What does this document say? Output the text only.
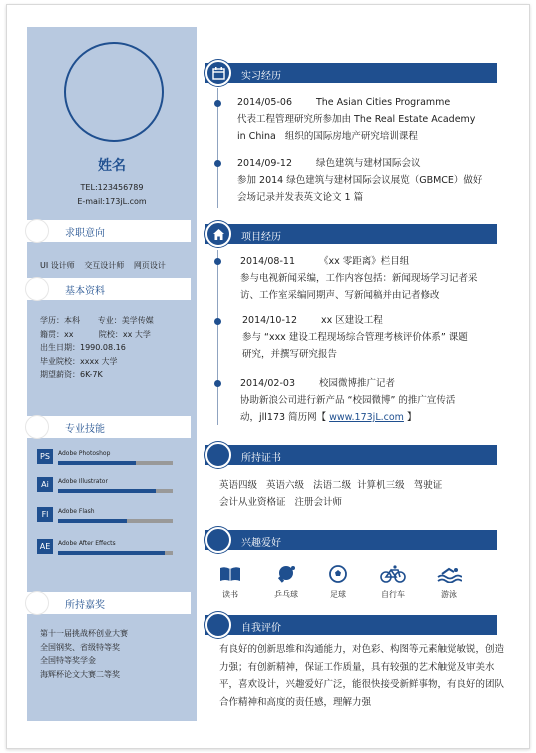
姓名
TEL:123456789
E-mail:173jL.com
求职意向
UI 设计师 交互设计师 网页设计
基本资料
学历：本科       专业：美学传媒
籍贯：xx          院校：xx 大学
出生日期：1990.08.16
毕业院校：xxxx 大学
期望薪资：6K-7K
专业技能
PS	Adobe Photoshop
Ai	Adobe Illustrator
Fl	Adobe Flash
AE	Adobe After Effects
所持嘉奖
第十一届挑战杯创业大赛
全国钢奖、省级特等奖
全国特等奖学金
海辉杯论文大赛二等奖
实习经历
2014/05-06	The Asian Cities Programme
代表工程管理研究所参加由 The Real Estate Academy
in China   组织的国际房地产研究培训课程
2014/09-12	绿色建筑与建材国际会议
参加 2014 绿色建筑与建材国际会议展览（GBMCE）做好
会场记录并发表英文论文 1 篇
项目经历
2014/08-11	《xx 零距离》栏目组
参与电视新闻采编，工作内容包括：新闻现场学习记者采
访、工作室采编同期声、写新闻稿并由记者修改
2014/10-12	xx 区建设工程
参与 “xxx 建设工程现场综合管理考核评价体系” 课题
研究，并撰写研究报告
2014/02-03	校园微博推广记者
协助新浪公司进行新产品 “校园微博” 的推广宣传活
动，jll173 简历网【 www.173jL.com 】
所持证书
英语四级   英语六级   法语二级  计算机三级   驾驶证
会计从业资格证   注册会计师
兴趣爱好
读书	乒乓球	足球	自行车	游泳
自我评价
有良好的创新思维和沟通能力，对色彩、构图等元素触觉敏锐，创造力强；有创新精神，保证工作质量，具有较强的艺术触觉及审美水平，喜欢设计，兴趣爱好广泛，能很快接受新鲜事物，有良好的团队合作精神和高度的责任感，理解力强
